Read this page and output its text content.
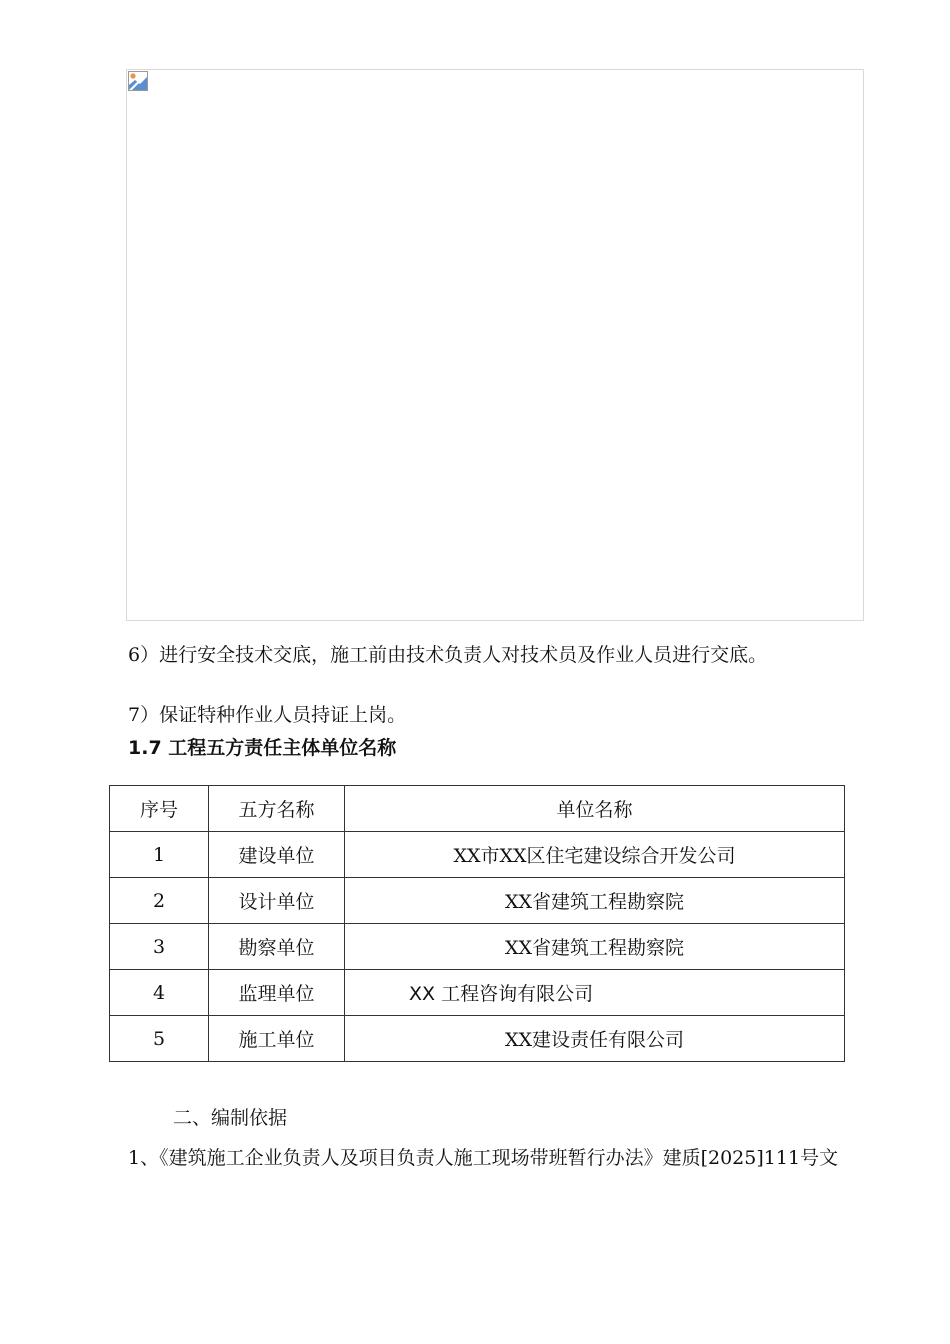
6）进行安全技术交底，施工前由技术负责人对技术员及作业人员进行交底。

7）保证特种作业人员持证上岗。

1.7 工程五方责任主体单位名称
序号	五方名称	单位名称
1	建设单位	XX市XX区住宅建设综合开发公司
2	设计单位	XX省建筑工程勘察院
3	勘察单位	XX省建筑工程勘察院
4	监理单位	XX 工程咨询有限公司
5	施工单位	XX建设责任有限公司

二、编制依据

1、《建筑施工企业负责人及项目负责人施工现场带班暂行办法》建质[2025]111号文
